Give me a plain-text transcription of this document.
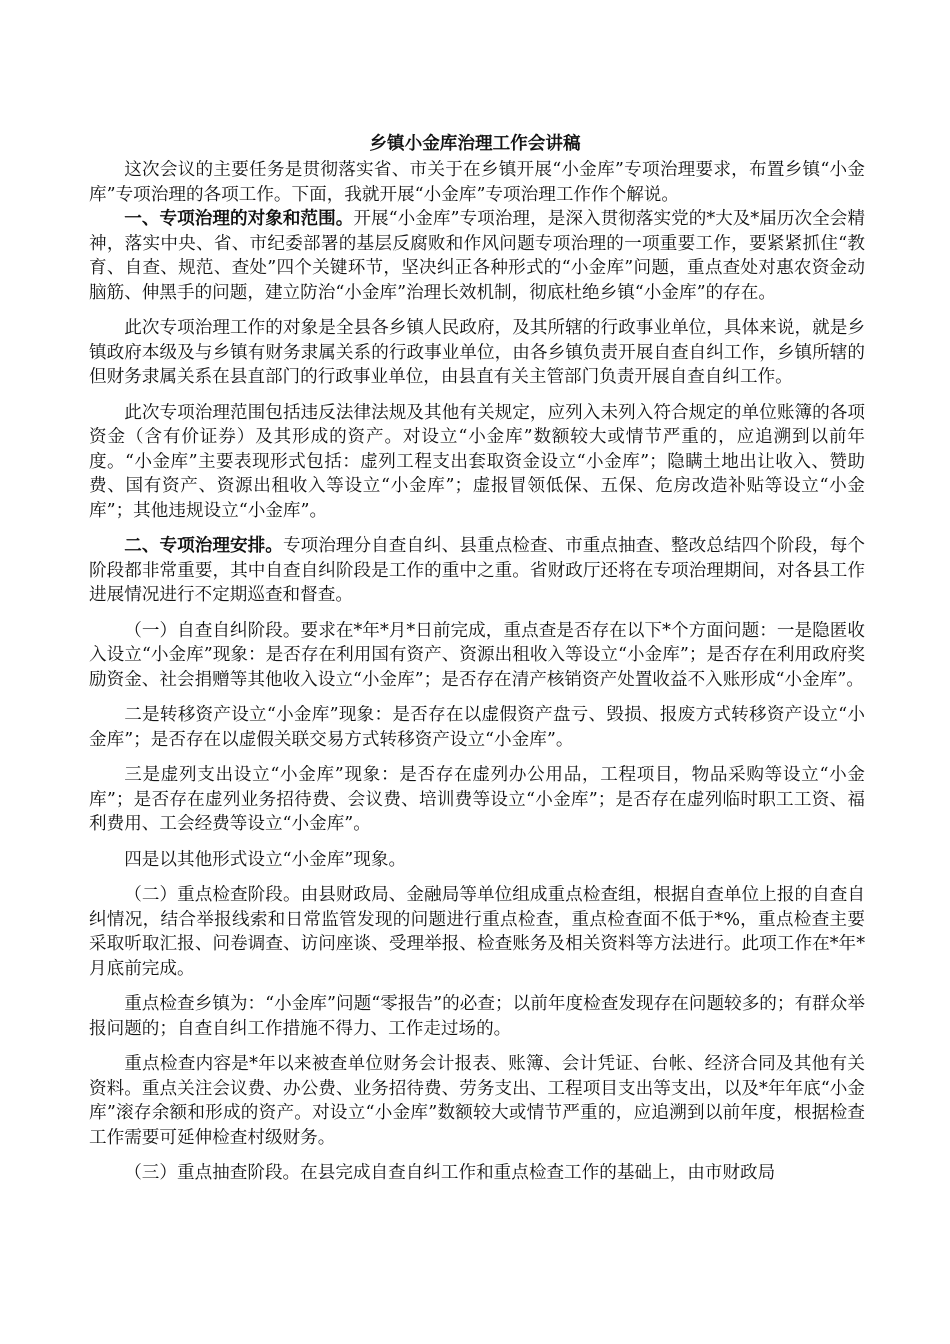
乡镇小金库治理工作会讲稿

这次会议的主要任务是贯彻落实省、市关于在乡镇开展“小金库”专项治理要求，布置乡镇“小金库”专项治理的各项工作。下面，我就开展“小金库”专项治理工作作个解说。

一、专项治理的对象和范围。开展“小金库”专项治理，是深入贯彻落实党的*大及*届历次全会精神，落实中央、省、市纪委部署的基层反腐败和作风问题专项治理的一项重要工作，要紧紧抓住“教育、自查、规范、查处”四个关键环节，坚决纠正各种形式的“小金库”问题，重点查处对惠农资金动脑筋、伸黑手的问题，建立防治“小金库”治理长效机制，彻底杜绝乡镇“小金库”的存在。

此次专项治理工作的对象是全县各乡镇人民政府，及其所辖的行政事业单位，具体来说，就是乡镇政府本级及与乡镇有财务隶属关系的行政事业单位，由各乡镇负责开展自查自纠工作，乡镇所辖的但财务隶属关系在县直部门的行政事业单位，由县直有关主管部门负责开展自查自纠工作。

此次专项治理范围包括违反法律法规及其他有关规定，应列入未列入符合规定的单位账簿的各项资金（含有价证券）及其形成的资产。对设立“小金库”数额较大或情节严重的，应追溯到以前年度。“小金库”主要表现形式包括：虚列工程支出套取资金设立“小金库”；隐瞒土地出让收入、赞助费、国有资产、资源出租收入等设立“小金库”；虚报冒领低保、五保、危房改造补贴等设立“小金库”；其他违规设立“小金库”。

二、专项治理安排。专项治理分自查自纠、县重点检查、市重点抽查、整改总结四个阶段，每个阶段都非常重要，其中自查自纠阶段是工作的重中之重。省财政厅还将在专项治理期间，对各县工作进展情况进行不定期巡查和督查。

（一）自查自纠阶段。要求在*年*月*日前完成，重点查是否存在以下*个方面问题：一是隐匿收入设立“小金库”现象：是否存在利用国有资产、资源出租收入等设立“小金库”；是否存在利用政府奖励资金、社会捐赠等其他收入设立“小金库”；是否存在清产核销资产处置收益不入账形成“小金库”。

二是转移资产设立“小金库”现象：是否存在以虚假资产盘亏、毁损、报废方式转移资产设立“小金库”；是否存在以虚假关联交易方式转移资产设立“小金库”。

三是虚列支出设立“小金库”现象：是否存在虚列办公用品，工程项目，物品采购等设立“小金库”；是否存在虚列业务招待费、会议费、培训费等设立“小金库”；是否存在虚列临时职工工资、福利费用、工会经费等设立“小金库”。

四是以其他形式设立“小金库”现象。

（二）重点检查阶段。由县财政局、金融局等单位组成重点检查组，根据自查单位上报的自查自纠情况，结合举报线索和日常监管发现的问题进行重点检查，重点检查面不低于*%，重点检查主要采取听取汇报、问卷调查、访问座谈、受理举报、检查账务及相关资料等方法进行。此项工作在*年*月底前完成。

重点检查乡镇为：“小金库”问题“零报告”的必查；以前年度检查发现存在问题较多的；有群众举报问题的；自查自纠工作措施不得力、工作走过场的。

重点检查内容是*年以来被查单位财务会计报表、账簿、会计凭证、台帐、经济合同及其他有关资料。重点关注会议费、办公费、业务招待费、劳务支出、工程项目支出等支出，以及*年年底“小金库”滚存余额和形成的资产。对设立“小金库”数额较大或情节严重的，应追溯到以前年度，根据检查工作需要可延伸检查村级财务。

（三）重点抽查阶段。在县完成自查自纠工作和重点检查工作的基础上，由市财政局
